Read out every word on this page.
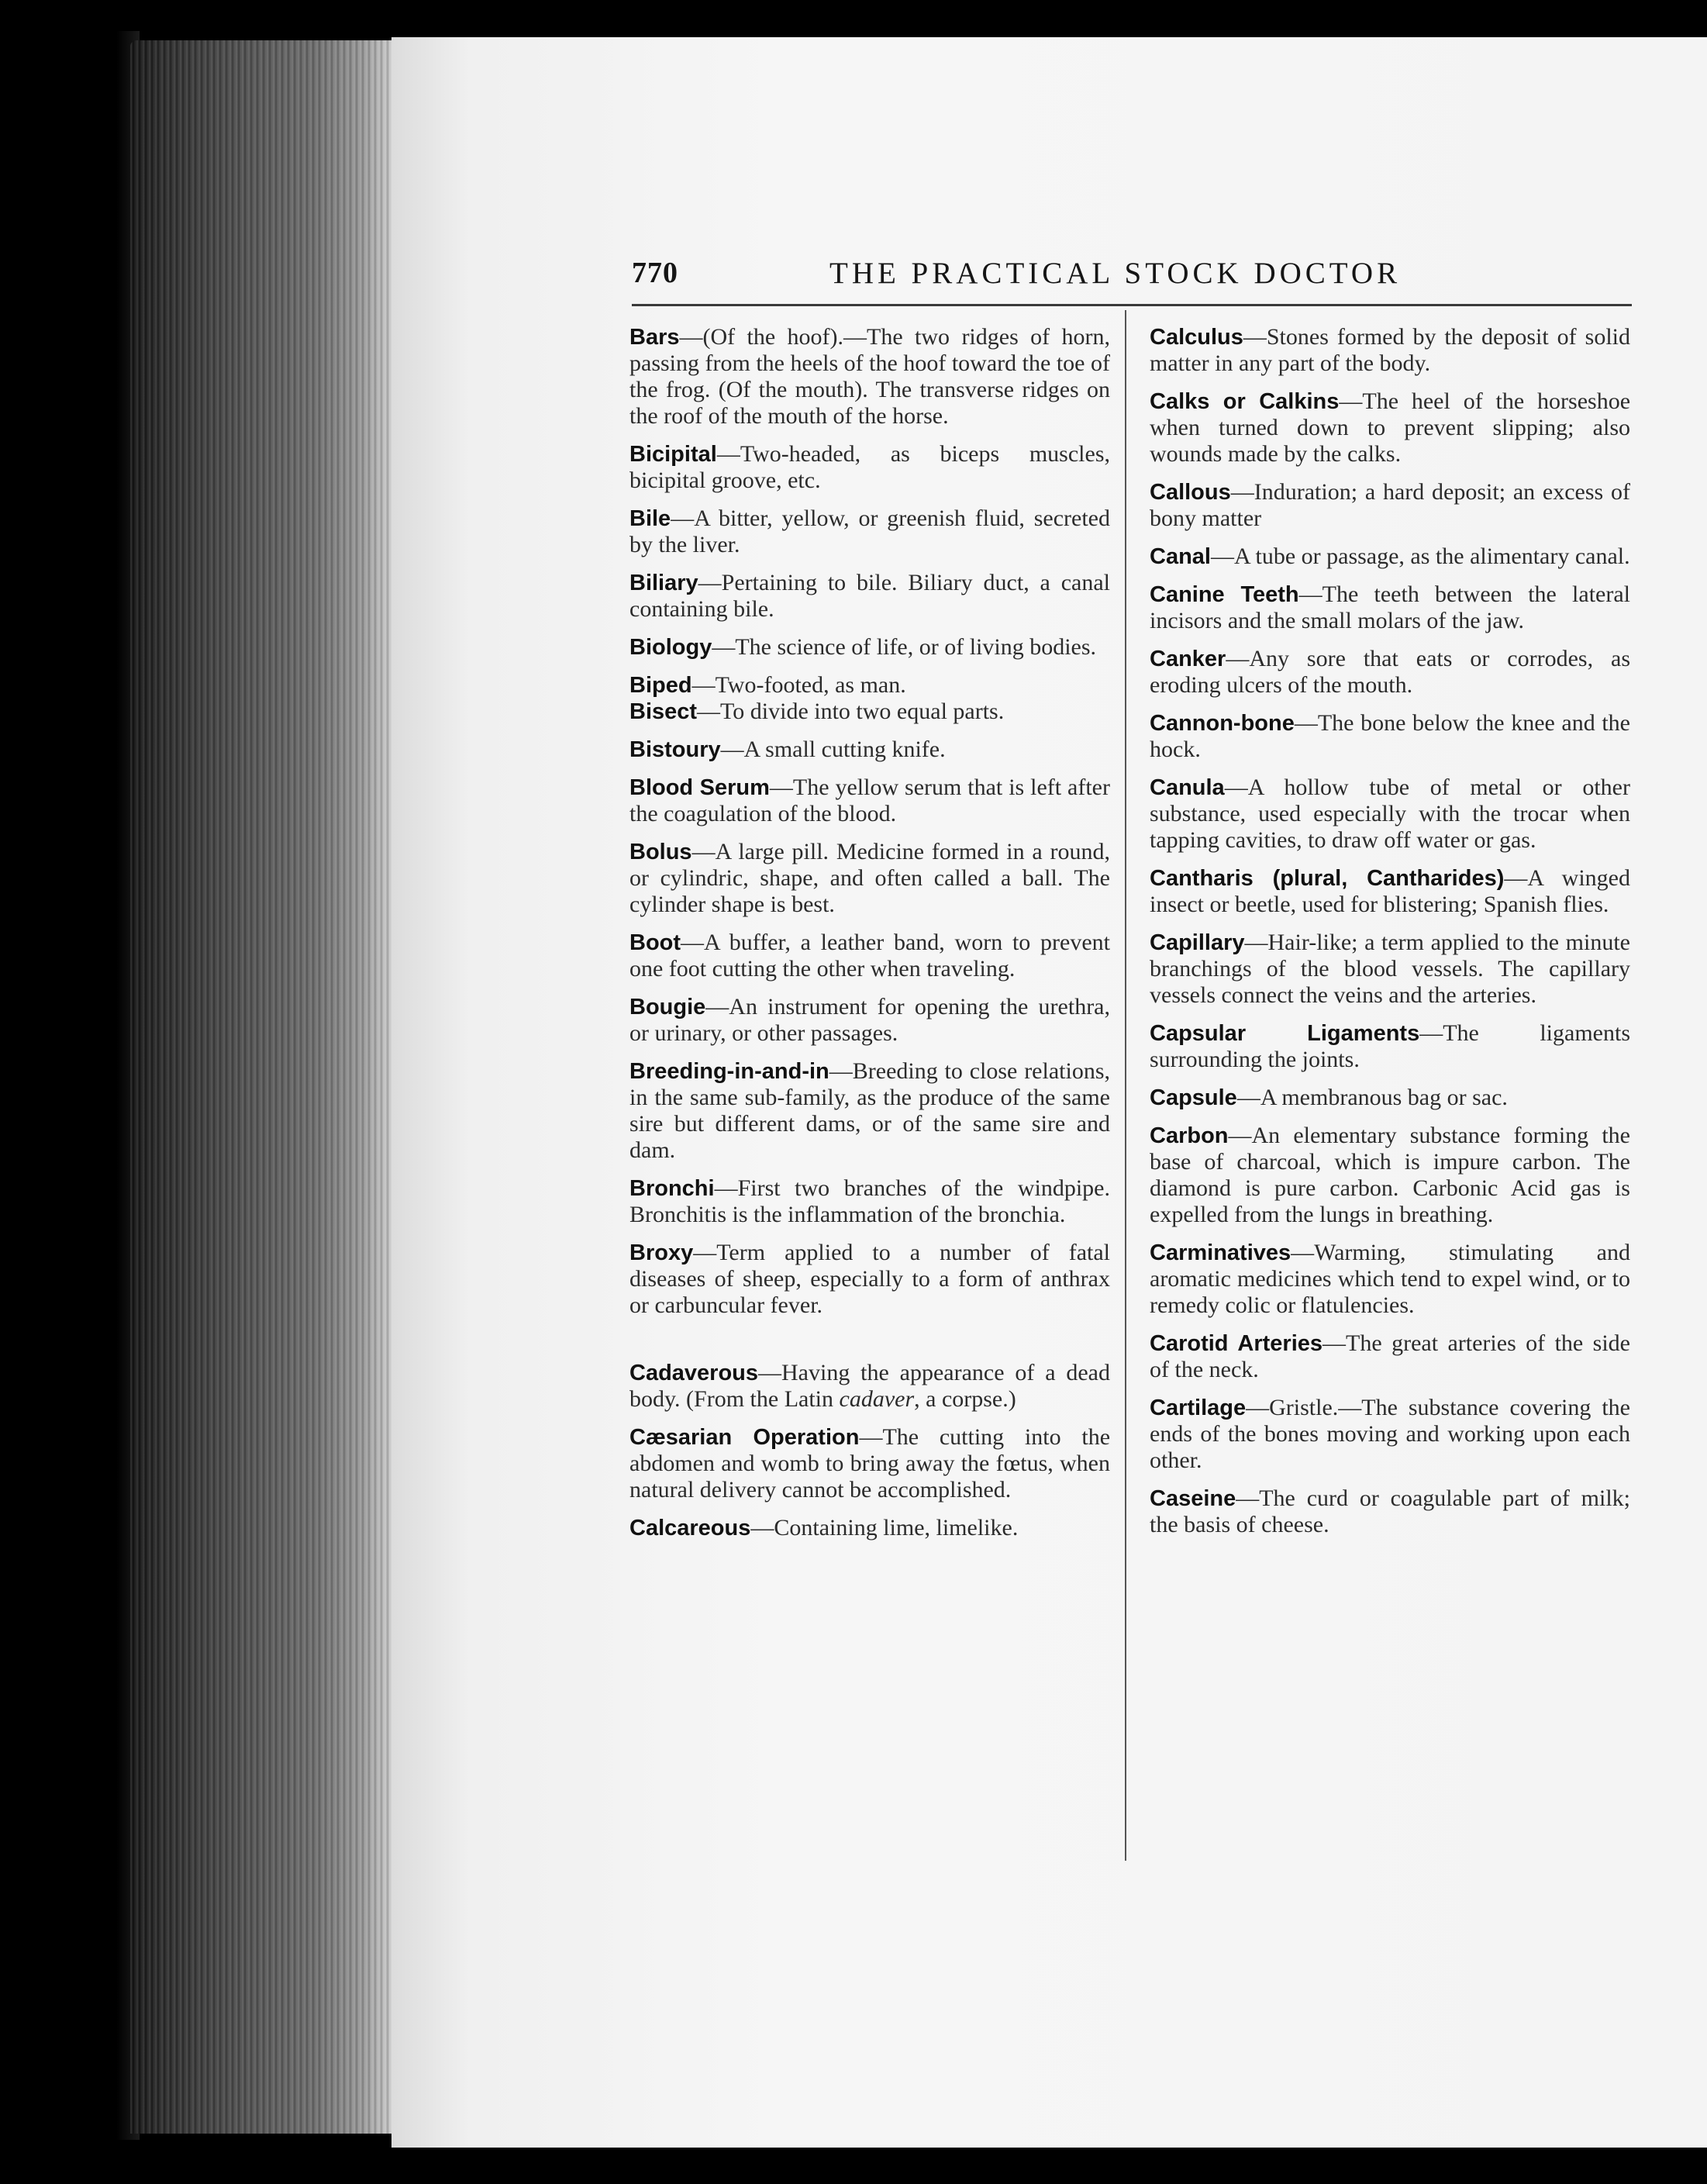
770	THE PRACTICAL STOCK DOCTOR

Bars—(Of the hoof).—The two ridges of horn, passing from the heels of the hoof toward the toe of the frog. (Of the mouth). The transverse ridges on the roof of the mouth of the horse.

Bicipital—Two-headed, as biceps muscles, bicipital groove, etc.

Bile—A bitter, yellow, or greenish fluid, secreted by the liver.

Biliary—Pertaining to bile. Biliary duct, a canal containing bile.

Biology—The science of life, or of living bodies.

Biped—Two-footed, as man.

Bisect—To divide into two equal parts.

Bistoury—A small cutting knife.

Blood Serum—The yellow serum that is left after the coagulation of the blood.

Bolus—A large pill. Medicine formed in a round, or cylindric, shape, and often called a ball. The cylinder shape is best.

Boot—A buffer, a leather band, worn to prevent one foot cutting the other when traveling.

Bougie—An instrument for opening the urethra, or urinary, or other passages.

Breeding-in-and-in—Breeding to close relations, in the same sub-family, as the produce of the same sire but different dams, or of the same sire and dam.

Bronchi—First two branches of the windpipe. Bronchitis is the inflammation of the bronchia.

Broxy—Term applied to a number of fatal diseases of sheep, especially to a form of anthrax or carbuncular fever.

Cadaverous—Having the appearance of a dead body. (From the Latin cadaver, a corpse.)

Cæsarian Operation—The cutting into the abdomen and womb to bring away the fœtus, when natural delivery cannot be accomplished.

Calcareous—Containing lime, limelike.

Calculus—Stones formed by the deposit of solid matter in any part of the body.

Calks or Calkins—The heel of the horseshoe when turned down to prevent slipping; also wounds made by the calks.

Callous—Induration; a hard deposit; an excess of bony matter

Canal—A tube or passage, as the alimentary canal.

Canine Teeth—The teeth between the lateral incisors and the small molars of the jaw.

Canker—Any sore that eats or corrodes, as eroding ulcers of the mouth.

Cannon-bone—The bone below the knee and the hock.

Canula—A hollow tube of metal or other substance, used especially with the trocar when tapping cavities, to draw off water or gas.

Cantharis (plural, Cantharides)—A winged insect or beetle, used for blistering; Spanish flies.

Capillary—Hair-like; a term applied to the minute branchings of the blood vessels. The capillary vessels connect the veins and the arteries.

Capsular Ligaments—The ligaments surrounding the joints.

Capsule—A membranous bag or sac.

Carbon—An elementary substance forming the base of charcoal, which is impure carbon. The diamond is pure carbon. Carbonic Acid gas is expelled from the lungs in breathing.

Carminatives—Warming, stimulating and aromatic medicines which tend to expel wind, or to remedy colic or flatulencies.

Carotid Arteries—The great arteries of the side of the neck.

Cartilage—Gristle.—The substance covering the ends of the bones moving and working upon each other.

Caseine—The curd or coagulable part of milk; the basis of cheese.
